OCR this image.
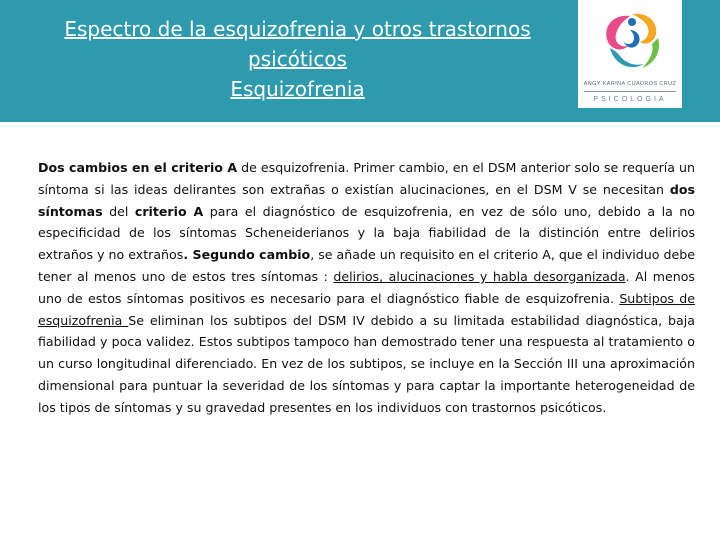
Espectro de la esquizofrenia y otros trastornos
psicóticos
Esquizofrenia	ANGY KARINA CUADROS CRUZ
PSICOLOGIA
Dos cambios en el criterio A de esquizofrenia. Primer cambio, en el DSM anterior solo se requería un síntoma si las ideas delirantes son extrañas o existían alucinaciones, en el DSM V se necesitan dos síntomas del criterio A para el diagnóstico de esquizofrenia, en vez de sólo uno, debido a la no especificidad de los síntomas Scheneiderianos y la baja fiabilidad de la distinción entre delirios extraños y no extraños. Segundo cambio, se añade un requisito en el criterio A, que el individuo debe tener al menos uno de estos tres síntomas : delirios, alucinaciones y habla desorganizada. Al menos uno de estos síntomas positivos es necesario para el diagnóstico fiable de esquizofrenia. Subtipos de esquizofrenia Se eliminan los subtipos del DSM IV debido a su limitada estabilidad diagnóstica, baja fiabilidad y poca validez. Estos subtipos tampoco han demostrado tener una respuesta al tratamiento o un curso longitudinal diferenciado. En vez de los subtipos, se incluye en la Sección III una aproximación dimensional para puntuar la severidad de los síntomas y para captar la importante heterogeneidad de los tipos de síntomas y su gravedad presentes en los individuos con trastornos psicóticos.
